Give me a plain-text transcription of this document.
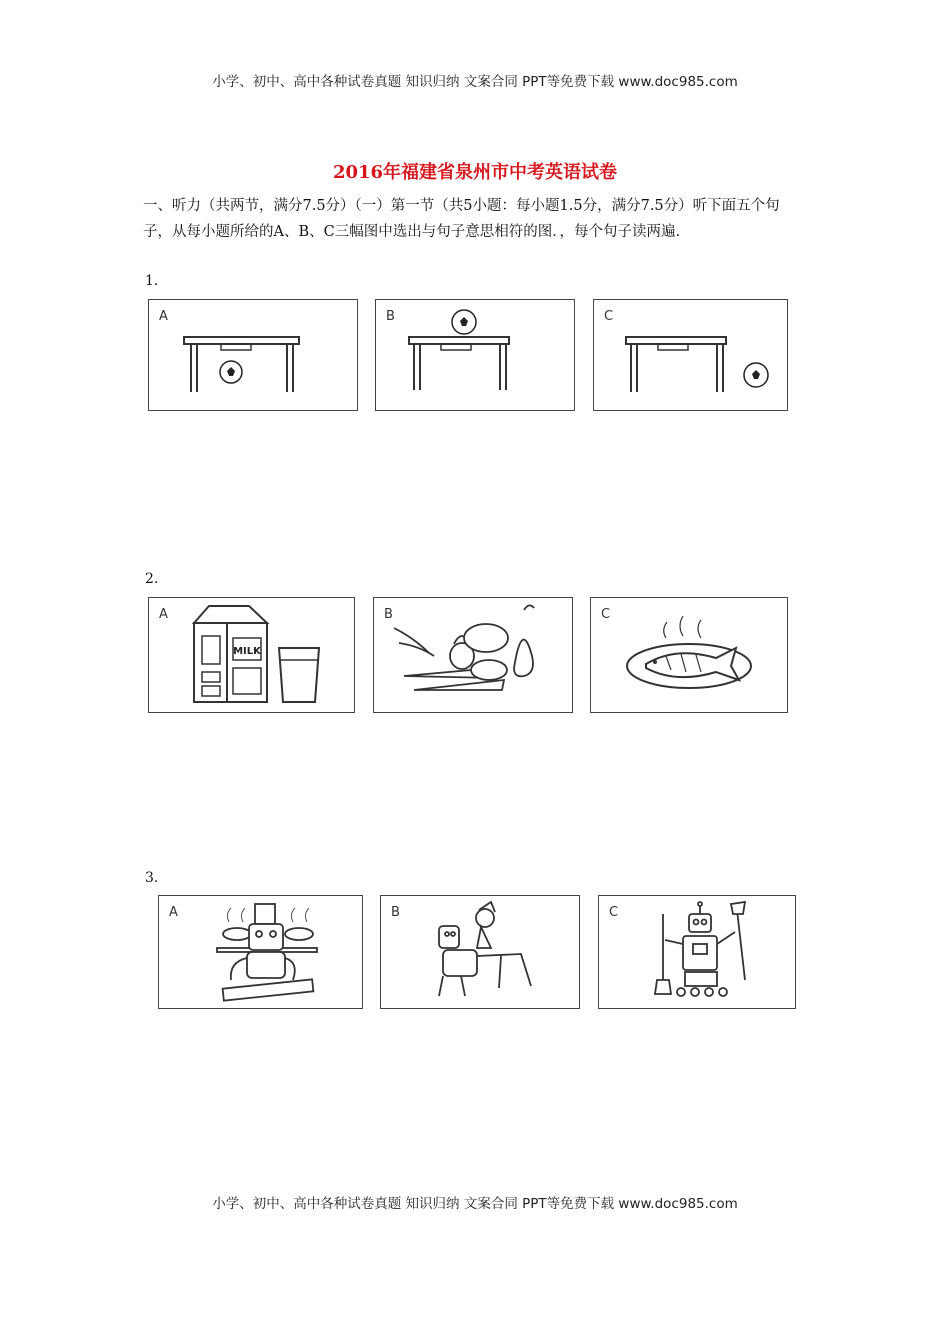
小学、初中、高中各种试卷真题 知识归纳 文案合同 PPT等免费下载 www.doc985.com
2016年福建省泉州市中考英语试卷
一、听力（共两节，满分7.5分）（一）第一节（共5小题：每小题1.5分，满分7.5分）听下面五个句子，从每小题所给的A、B、C三幅图中选出与句子意思相符的图．，每个句子读两遍.
1.
A	B	C
2.
MILK
A	B	C
3.
A	B	C
小学、初中、高中各种试卷真题 知识归纳 文案合同 PPT等免费下载 www.doc985.com
